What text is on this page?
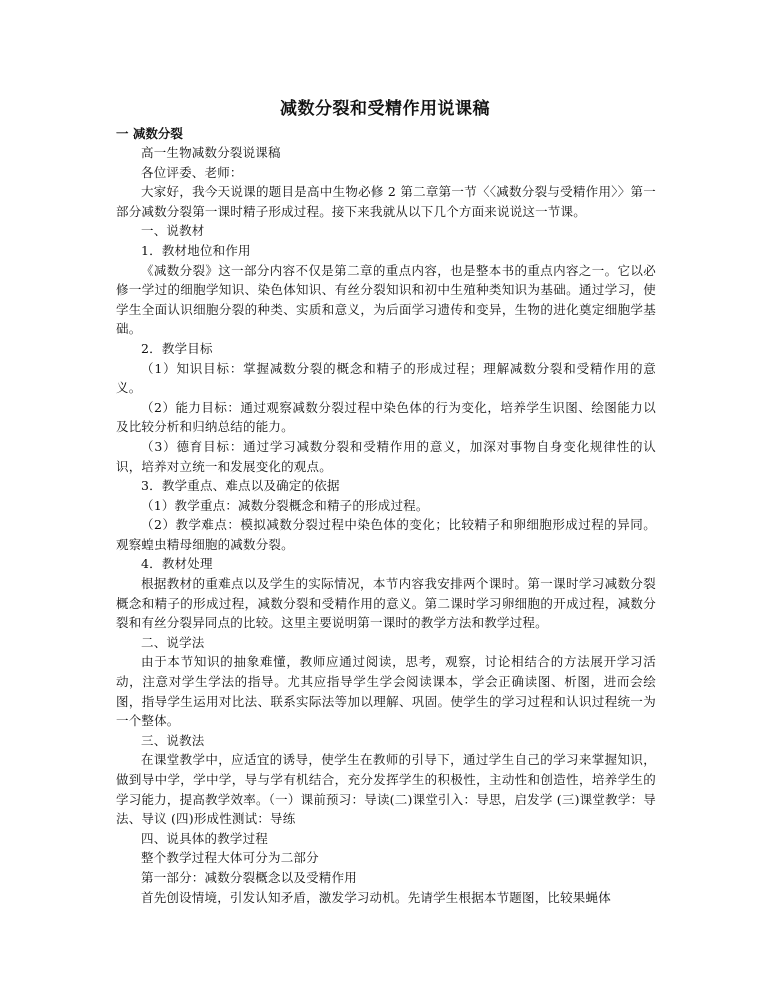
减数分裂和受精作用说课稿
一 减数分裂

高一生物减数分裂说课稿

各位评委、老师：

大家好，我今天说课的题目是高中生物必修 2 第二章第一节〈〈减数分裂与受精作用〉〉第一部分减数分裂第一课时精子形成过程。接下来我就从以下几个方面来说说这一节课。

一、说教材

1．教材地位和作用

《减数分裂》这一部分内容不仅是第二章的重点内容，也是整本书的重点内容之一。它以必修一学过的细胞学知识、染色体知识、有丝分裂知识和初中生殖种类知识为基础。通过学习，使学生全面认识细胞分裂的种类、实质和意义，为后面学习遗传和变异，生物的进化奠定细胞学基础。

2．教学目标

（1）知识目标：掌握减数分裂的概念和精子的形成过程；理解减数分裂和受精作用的意义。

（2）能力目标：通过观察减数分裂过程中染色体的行为变化，培养学生识图、绘图能力以及比较分析和归纳总结的能力。

（3）德育目标：通过学习减数分裂和受精作用的意义，加深对事物自身变化规律性的认识，培养对立统一和发展变化的观点。

3．教学重点、难点以及确定的依据

（1）教学重点：减数分裂概念和精子的形成过程。

（2）教学难点：模拟减数分裂过程中染色体的变化；比较精子和卵细胞形成过程的异同。观察蝗虫精母细胞的减数分裂。

4．教材处理

根据教材的重难点以及学生的实际情况，本节内容我安排两个课时。第一课时学习减数分裂概念和精子的形成过程，减数分裂和受精作用的意义。第二课时学习卵细胞的开成过程，减数分裂和有丝分裂异同点的比较。这里主要说明第一课时的教学方法和教学过程。

二、说学法

由于本节知识的抽象难懂，教师应通过阅读，思考，观察，讨论相结合的方法展开学习活动，注意对学生学法的指导。尤其应指导学生学会阅读课本，学会正确读图、析图，进而会绘图，指导学生运用对比法、联系实际法等加以理解、巩固。使学生的学习过程和认识过程统一为一个整体。

三、说教法

在课堂教学中，应适宜的诱导，使学生在教师的引导下，通过学生自己的学习来掌握知识，做到导中学，学中学，导与学有机结合，充分发挥学生的积极性，主动性和创造性，培养学生的学习能力，提高教学效率。（一）课前预习：导读(二)课堂引入：导思，启发学 (三)课堂教学：导法、导议 (四)形成性测试：导练

四、说具体的教学过程

整个教学过程大体可分为二部分

第一部分：减数分裂概念以及受精作用

首先创设情境，引发认知矛盾，激发学习动机。先请学生根据本节题图，比较果蝇体
